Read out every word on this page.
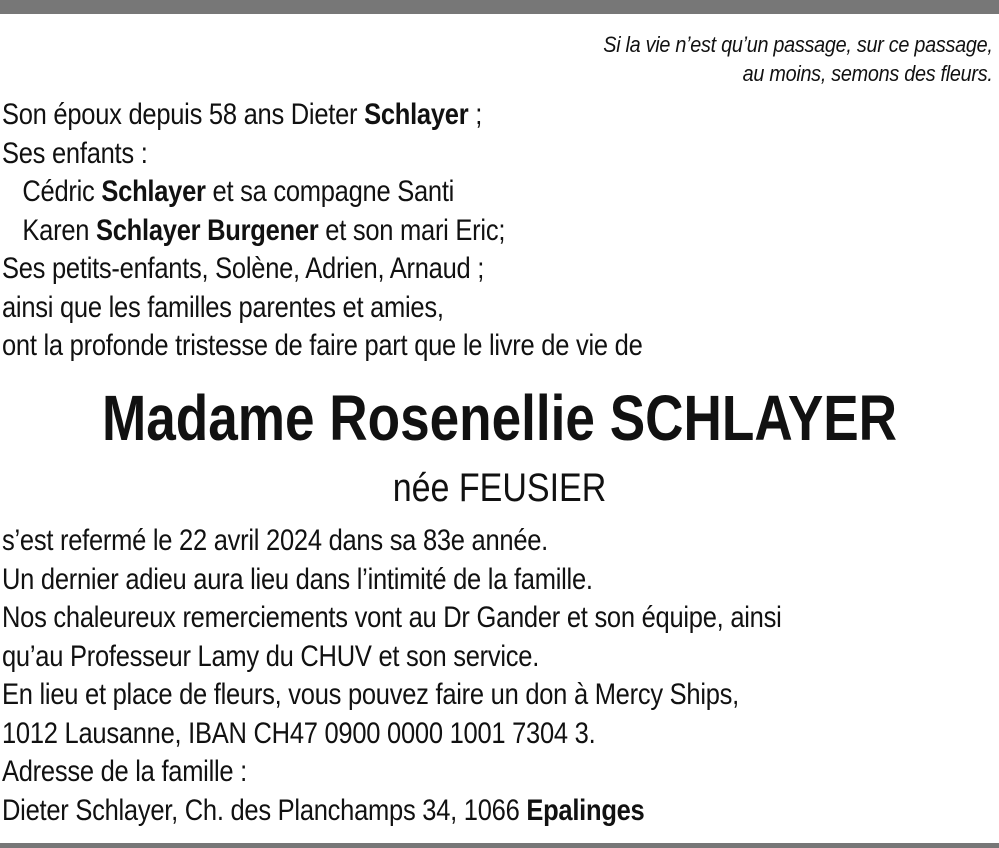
Si la vie n’est qu’un passage, sur ce passage,
au moins, semons des fleurs.
Son époux depuis 58 ans Dieter Schlayer ;
Ses enfants :
Cédric Schlayer et sa compagne Santi
Karen Schlayer Burgener et son mari Eric;
Ses petits-enfants, Solène, Adrien, Arnaud ;
ainsi que les familles parentes et amies,
ont la profonde tristesse de faire part que le livre de vie de
Madame Rosenellie SCHLAYER
née FEUSIER
s’est refermé le 22 avril 2024 dans sa 83e année.
Un dernier adieu aura lieu dans l’intimité de la famille.
Nos chaleureux remerciements vont au Dr Gander et son équipe, ainsi
qu’au Professeur Lamy du CHUV et son service.
En lieu et place de fleurs, vous pouvez faire un don à Mercy Ships,
1012 Lausanne, IBAN CH47 0900 0000 1001 7304 3.
Adresse de la famille :
Dieter Schlayer, Ch. des Planchamps 34, 1066 Epalinges
